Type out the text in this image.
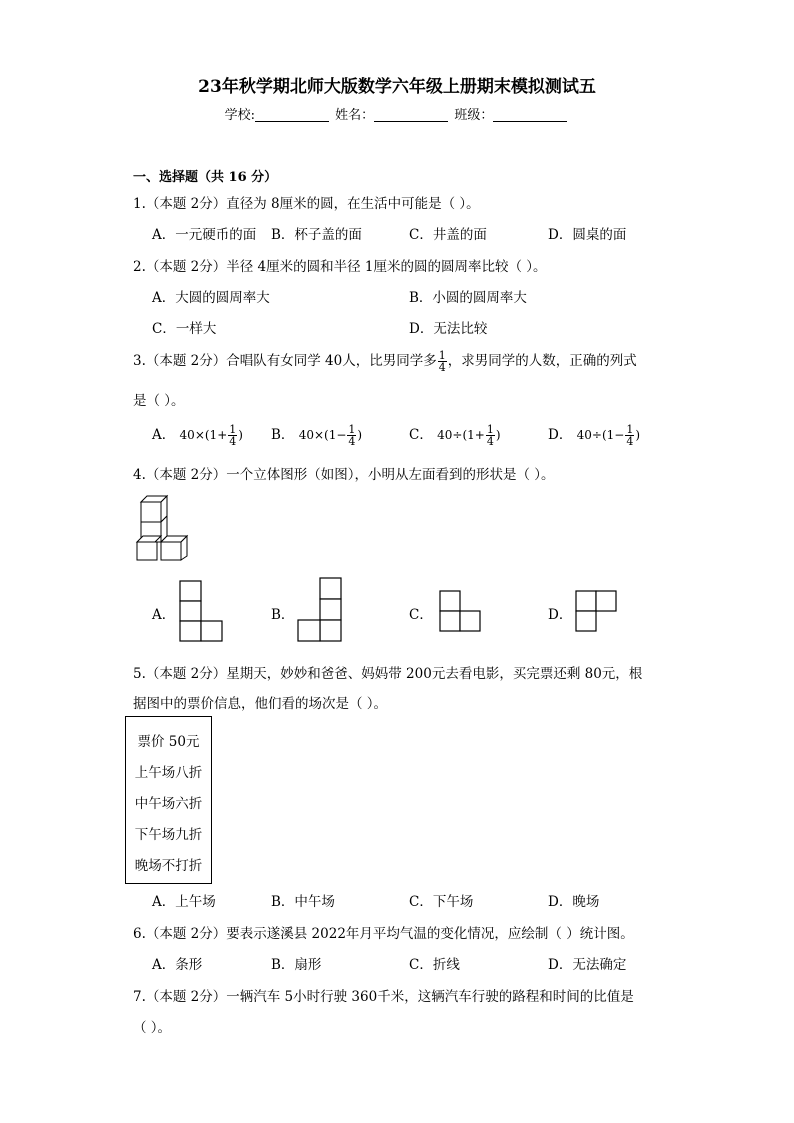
23年秋学期北师大版数学六年级上册期末模拟测试五
学校:	姓名：	班级：
一、选择题（共 16 分）
1.（本题 2分）直径为 8厘米的圆，在生活中可能是（ ）。
A．一元硬币的面 B．杯子盖的面	C．井盖的面	D．圆桌的面
2.（本题 2分）半径 4厘米的圆和半径 1厘米的圆的圆周率比较（ ）。
A．大圆的圆周率大	B．小圆的圆周率大
C．一样大	D．无法比较
3.（本题 2分）合唱队有女同学 40人，比男同学多 $\frac{1}{4}$ ，求男同学的人数，正确的列式
是（ ）。
A． $40\times(1+ \frac{1}{4}$ ) B． $40\times(1- \frac{1}{4}$ )	C． $40\div(1+ \frac{1}{4}$ )	D． $40\div(1- \frac{1}{4}$ )
4.（本题 2分）一个立体图形（如图），小明从左面看到的形状是（ ）。
A．	B．	C．	D．
5.（本题 2分）星期天，妙妙和爸爸、妈妈带 200元去看电影，买完票还剩 80元，根
据图中的票价信息，他们看的场次是（ ）。
票价 50元
上午场八折
中午场六折
下午场九折
晚场不打折
A．上午场	B．中午场	C．下午场	D．晚场
6.（本题 2分）要表示遂溪县 2022年月平均气温的变化情况，应绘制（ ）统计图。
A．条形	B．扇形	C．折线	D．无法确定
7.（本题 2分）一辆汽车 5小时行驶 360千米，这辆汽车行驶的路程和时间的比值是
（ ）。
